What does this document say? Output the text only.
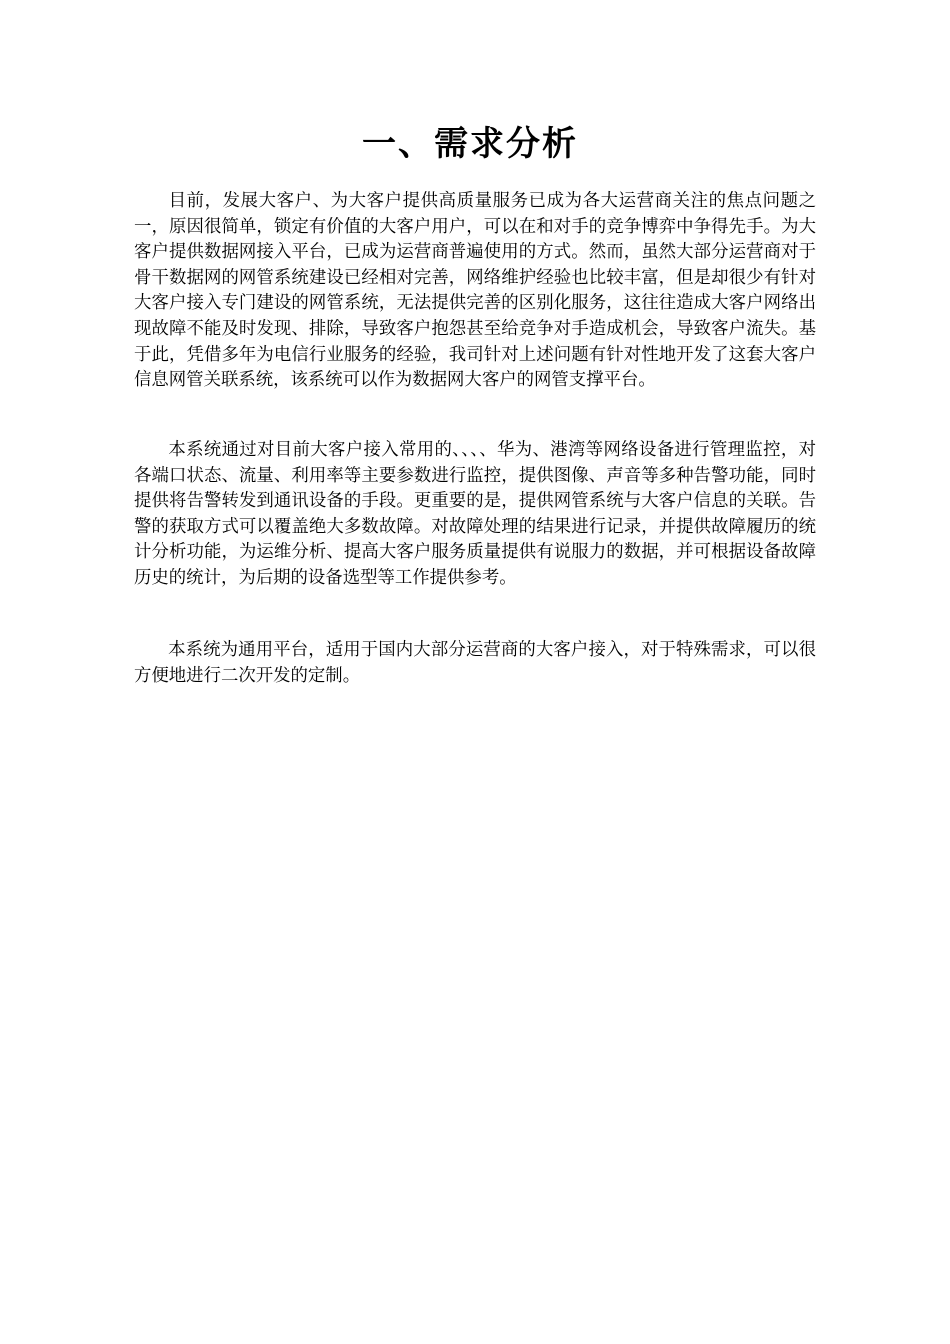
一、需求分析

目前，发展大客户、为大客户提供高质量服务已成为各大运营商关注的焦点问题之一，原因很简单，锁定有价值的大客户用户，可以在和对手的竞争博弈中争得先手。为大客户提供数据网接入平台，已成为运营商普遍使用的方式。然而，虽然大部分运营商对于骨干数据网的网管系统建设已经相对完善，网络维护经验也比较丰富，但是却很少有针对大客户接入专门建设的网管系统，无法提供完善的区别化服务，这往往造成大客户网络出现故障不能及时发现、排除，导致客户抱怨甚至给竞争对手造成机会，导致客户流失。基于此，凭借多年为电信行业服务的经验，我司针对上述问题有针对性地开发了这套大客户信息网管关联系统，该系统可以作为数据网大客户的网管支撑平台。

本系统通过对目前大客户接入常用的、、、、华为、港湾等网络设备进行管理监控，对各端口状态、流量、利用率等主要参数进行监控，提供图像、声音等多种告警功能，同时提供将告警转发到通讯设备的手段。更重要的是，提供网管系统与大客户信息的关联。告警的获取方式可以覆盖绝大多数故障。对故障处理的结果进行记录，并提供故障履历的统计分析功能，为运维分析、提高大客户服务质量提供有说服力的数据，并可根据设备故障历史的统计，为后期的设备选型等工作提供参考。

本系统为通用平台，适用于国内大部分运营商的大客户接入，对于特殊需求，可以很方便地进行二次开发的定制。
